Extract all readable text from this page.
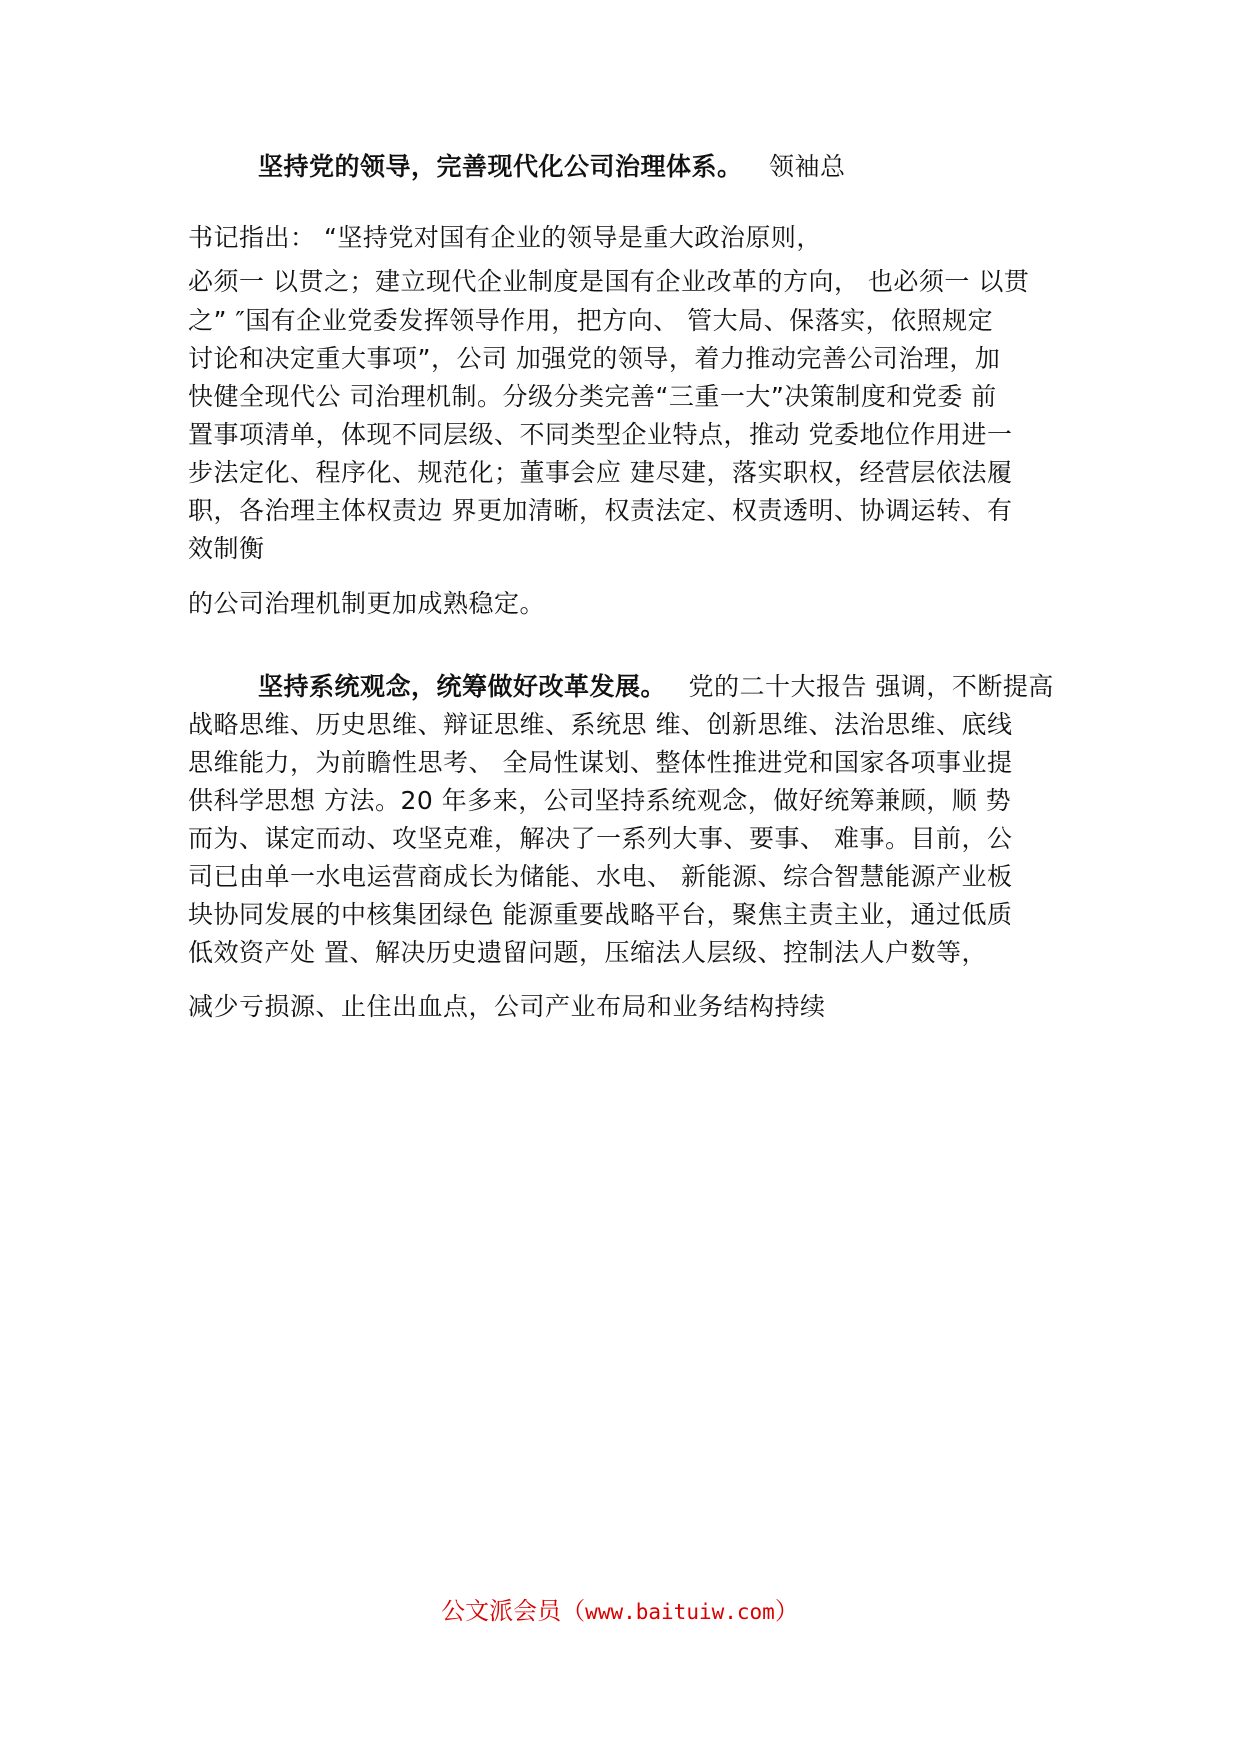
坚持党的领导，完善现代化公司治理体系。 领袖总
书记指出： “坚持党对国有企业的领导是重大政治原则，
必须一 以贯之；建立现代企业制度是国有企业改革的方向， 也必须一 以贯
之” ″国有企业党委发挥领导作用，把方向、 管大局、保落实，依照规定
讨论和决定重大事项”，公司 加强党的领导，着力推动完善公司治理，加
快健全现代公 司治理机制。分级分类完善“三重一大”决策制度和党委 前
置事项清单，体现不同层级、不同类型企业特点，推动 党委地位作用进一
步法定化、程序化、规范化；董事会应 建尽建，落实职权，经营层依法履
职，各治理主体权责边 界更加清晰，权责法定、权责透明、协调运转、有
效制衡
的公司治理机制更加成熟稳定。
坚持系统观念，统筹做好改革发展。 党的二十大报告 强调，不断提高
战略思维、历史思维、辩证思维、系统思 维、创新思维、法治思维、底线
思维能力，为前瞻性思考、 全局性谋划、整体性推进党和国家各项事业提
供科学思想 方法。20 年多来，公司坚持系统观念，做好统筹兼顾，顺 势
而为、谋定而动、攻坚克难，解决了一系列大事、要事、 难事。目前，公
司已由单一水电运营商成长为储能、水电、 新能源、综合智慧能源产业板
块协同发展的中核集团绿色 能源重要战略平台，聚焦主责主业，通过低质
低效资产处 置、解决历史遗留问题，压缩法人层级、控制法人户数等，
减少亏损源、止住出血点，公司产业布局和业务结构持续
公文派会员（www.baituiw.com）
